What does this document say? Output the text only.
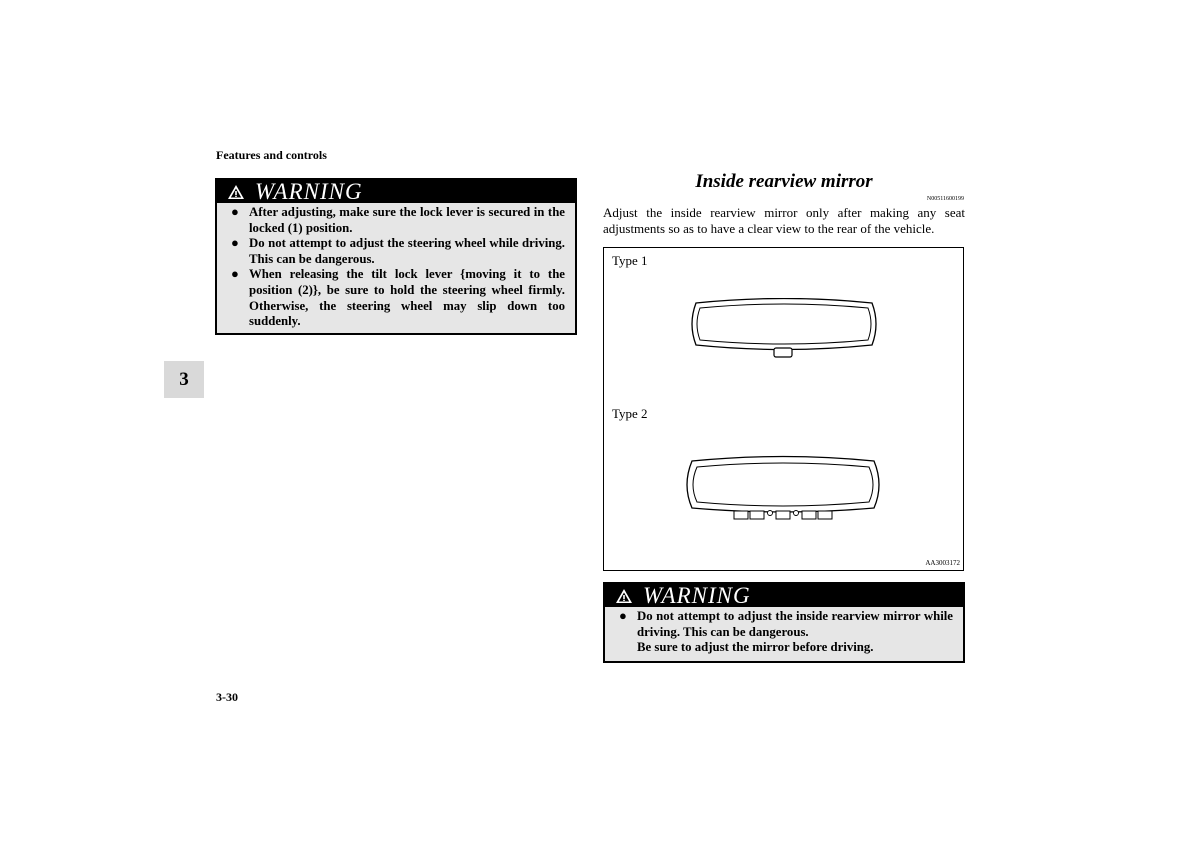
Features and controls
3
WARNING
● After adjusting, make sure the lock lever is secured in the locked (1) position.
● Do not attempt to adjust the steering wheel while driving. This can be dangerous.
● When releasing the tilt lock lever {moving it to the position (2)}, be sure to hold the steering wheel firmly. Otherwise, the steering wheel may slip down too suddenly.
Inside rearview mirror
N00511600199
Adjust the inside rearview mirror only after making any seat adjustments so as to have a clear view to the rear of the vehicle.
Type 1
Type 2
AA3003172
WARNING
● Do not attempt to adjust the inside rearview mirror while driving. This can be dangerous.
Be sure to adjust the mirror before driving.
3-30
